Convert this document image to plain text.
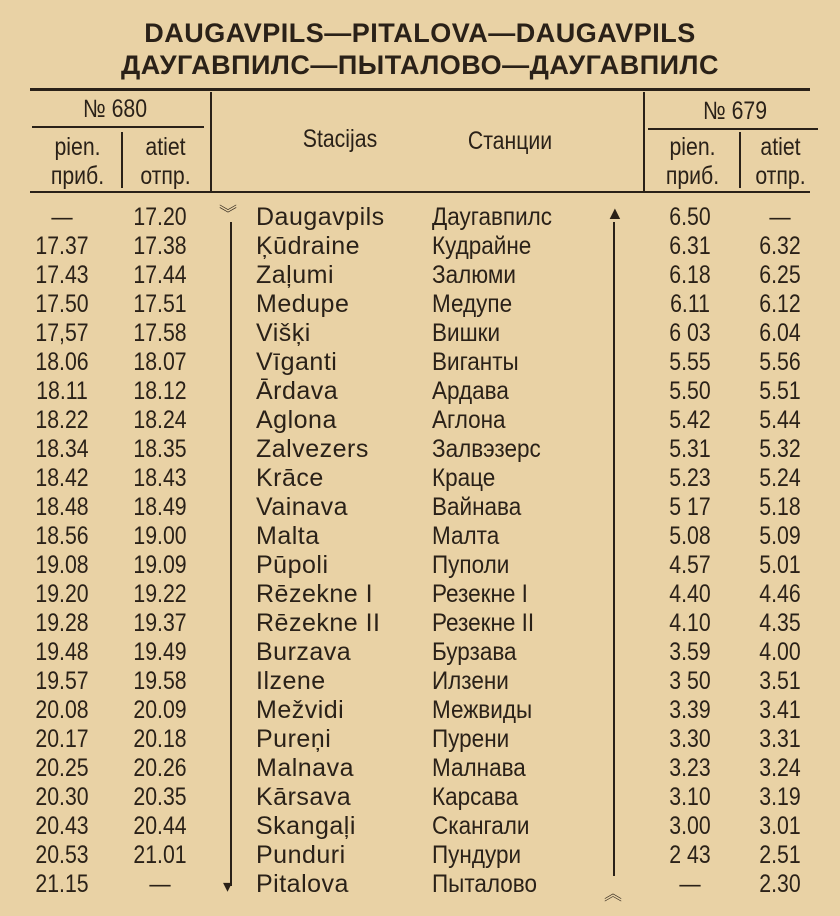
DAUGAVPILS—PITALOVA—DAUGAVPILS
ДАУГАВПИЛС—ПЫТАЛОВО—ДАУГАВПИЛС
№ 680	№ 679
pien.	atiet
приб.	отпр.
pien.	atiet
приб.	отпр.
Stacijas	Станции
︾
▾
▲
︽
—	17.20	Daugavpils Даугавпилс	6.50	—
17.37 17.38	Ķūdraine	Кудрайне	6.31	6.32
17.43 17.44	Zaļumi	Залюми	6.18	6.25
17.50 17.51	Medupe	Медупе	6.11	6.12
17,57 17.58	Višķi	Вишки	6 03	6.04
18.06 18.07	Vīganti	Виганты	5.55	5.56
18.11	18.12	Ārdava	Ардава	5.50	5.51
18.22 18.24	Aglona	Аглона	5.42	5.44
18.34 18.35	Zalvezers	Залвэзерс	5.31	5.32
18.42 18.43	Krāce	Краце	5.23	5.24
18.48 18.49	Vainava	Вайнава	5 17	5.18
18.56 19.00	Malta	Малта	5.08	5.09
19.08 19.09	Pūpoli	Пуполи	4.57	5.01
19.20 19.22	Rēzekne I Резекне I	4.40	4.46
19.28 19.37	Rēzekne II Резекне II	4.10	4.35
19.48 19.49	Burzava	Бурзава	3.59	4.00
19.57 19.58	Ilzene	Илзени	3 50	3.51
20.08 20.09	Mežvidi	Межвиды	3.39	3.41
20.17 20.18	Pureņi	Пурени	3.30	3.31
20.25 20.26	Malnava	Малнава	3.23	3.24
20.30 20.35	Kārsava	Карсава	3.10	3.19
20.43 20.44	Skangaļi	Скангали	3.00	3.01
20.53 21.01	Punduri	Пундури	2 43	2.51
21.15	—	Pitalova	Пыталово	—	2.30
